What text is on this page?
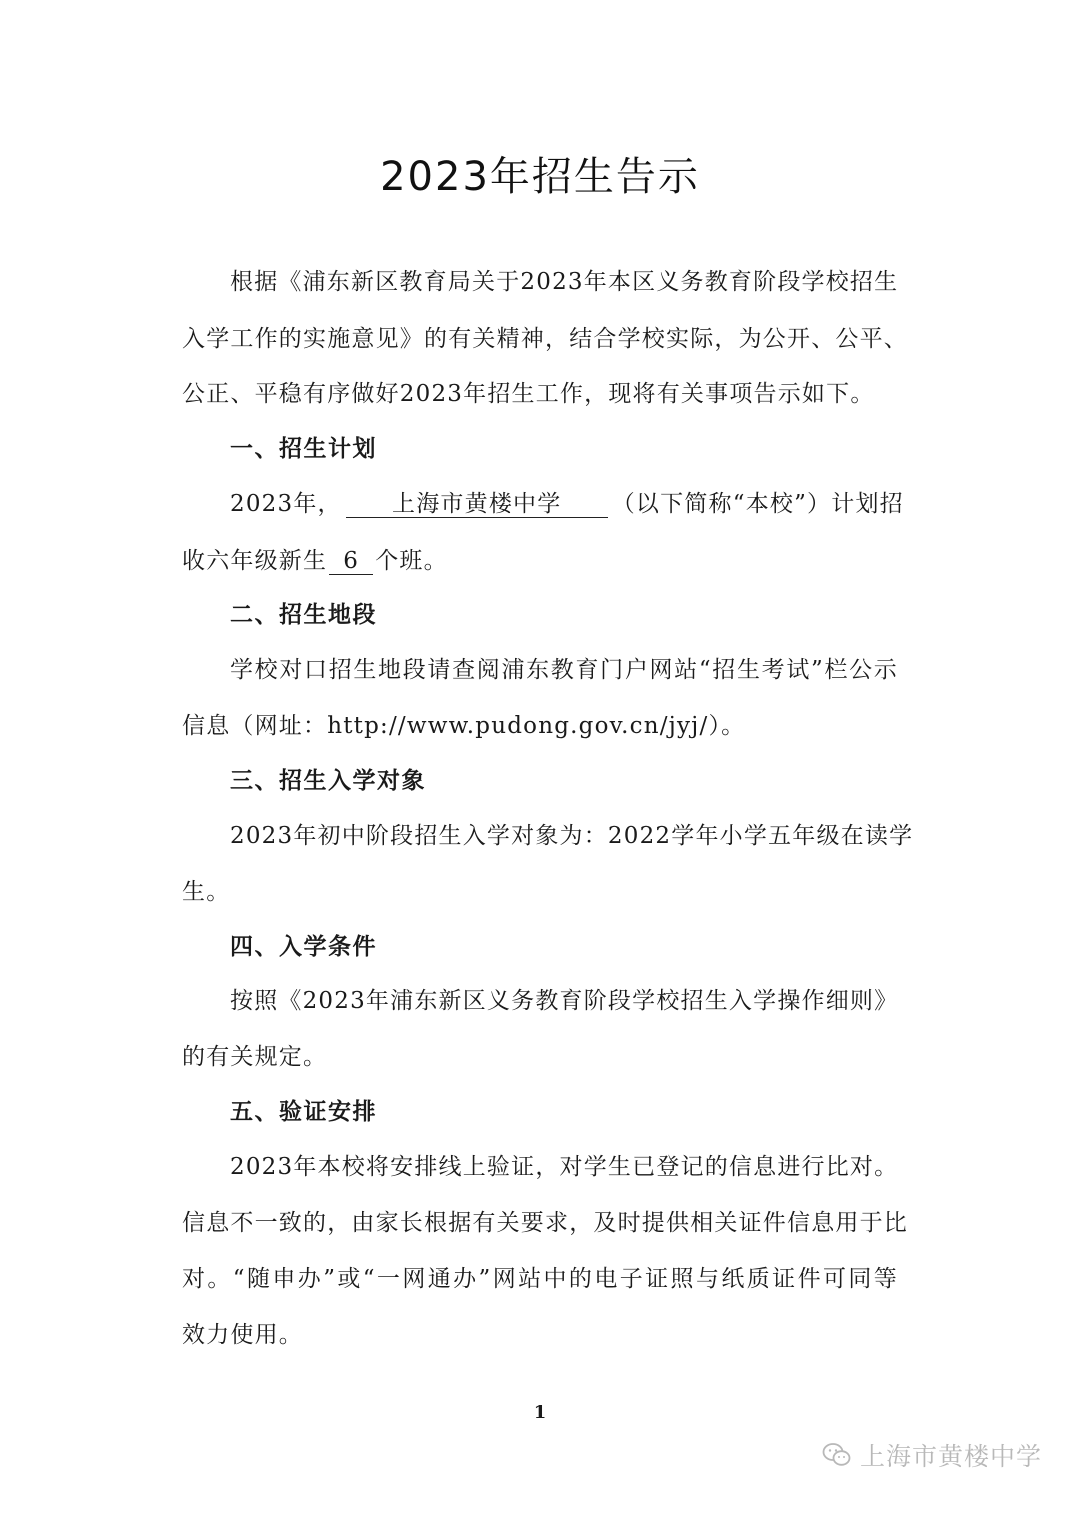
2023年招生告示
根据《浦东新区教育局关于2023年本区义务教育阶段学校招生
入学工作的实施意见》的有关精神，结合学校实际，为公开、公平、
公正、平稳有序做好2023年招生工作，现将有关事项告示如下。
一、招生计划
2023年， 上海市黄楼中学 （以下简称“本校”）计划招
收六年级新生 6 个班。
二、招生地段
学校对口招生地段请查阅浦东教育门户网站“招生考试”栏公示
信息（网址：http://www.pudong.gov.cn/jyj/）。
三、招生入学对象
2023年初中阶段招生入学对象为：2022学年小学五年级在读学
生。
四、入学条件
按照《2023年浦东新区义务教育阶段学校招生入学操作细则》
的有关规定。
五、验证安排
2023年本校将安排线上验证，对学生已登记的信息进行比对。
信息不一致的，由家长根据有关要求，及时提供相关证件信息用于比
对。“随申办”或“一网通办”网站中的电子证照与纸质证件可同等
效力使用。
1
上海市黄楼中学
